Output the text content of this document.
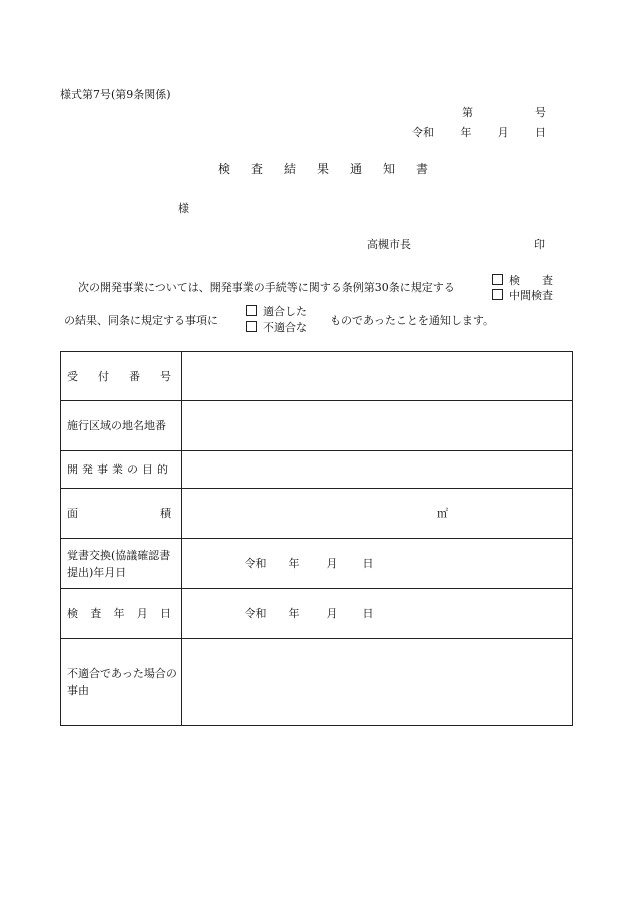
様式第7号(第9条関係)
第	号
令和 年 月 日
検査結果通知書
様
高槻市長	印
次の開発事業については、開発事業の手続等に関する条例第30条に規定する
検　　査
中間検査
の結果、同条に規定する事項に
適合した
不適合な
ものであったことを通知します。
受 付 番 号	

施行区域の地名地番	
開発事業の目的	

面 積	㎡
覚書交換(協議確認書提出)年月日	令和 年 月 日

検 査 年 月 日	令和 年 月 日

不適合であった場合の事由	
